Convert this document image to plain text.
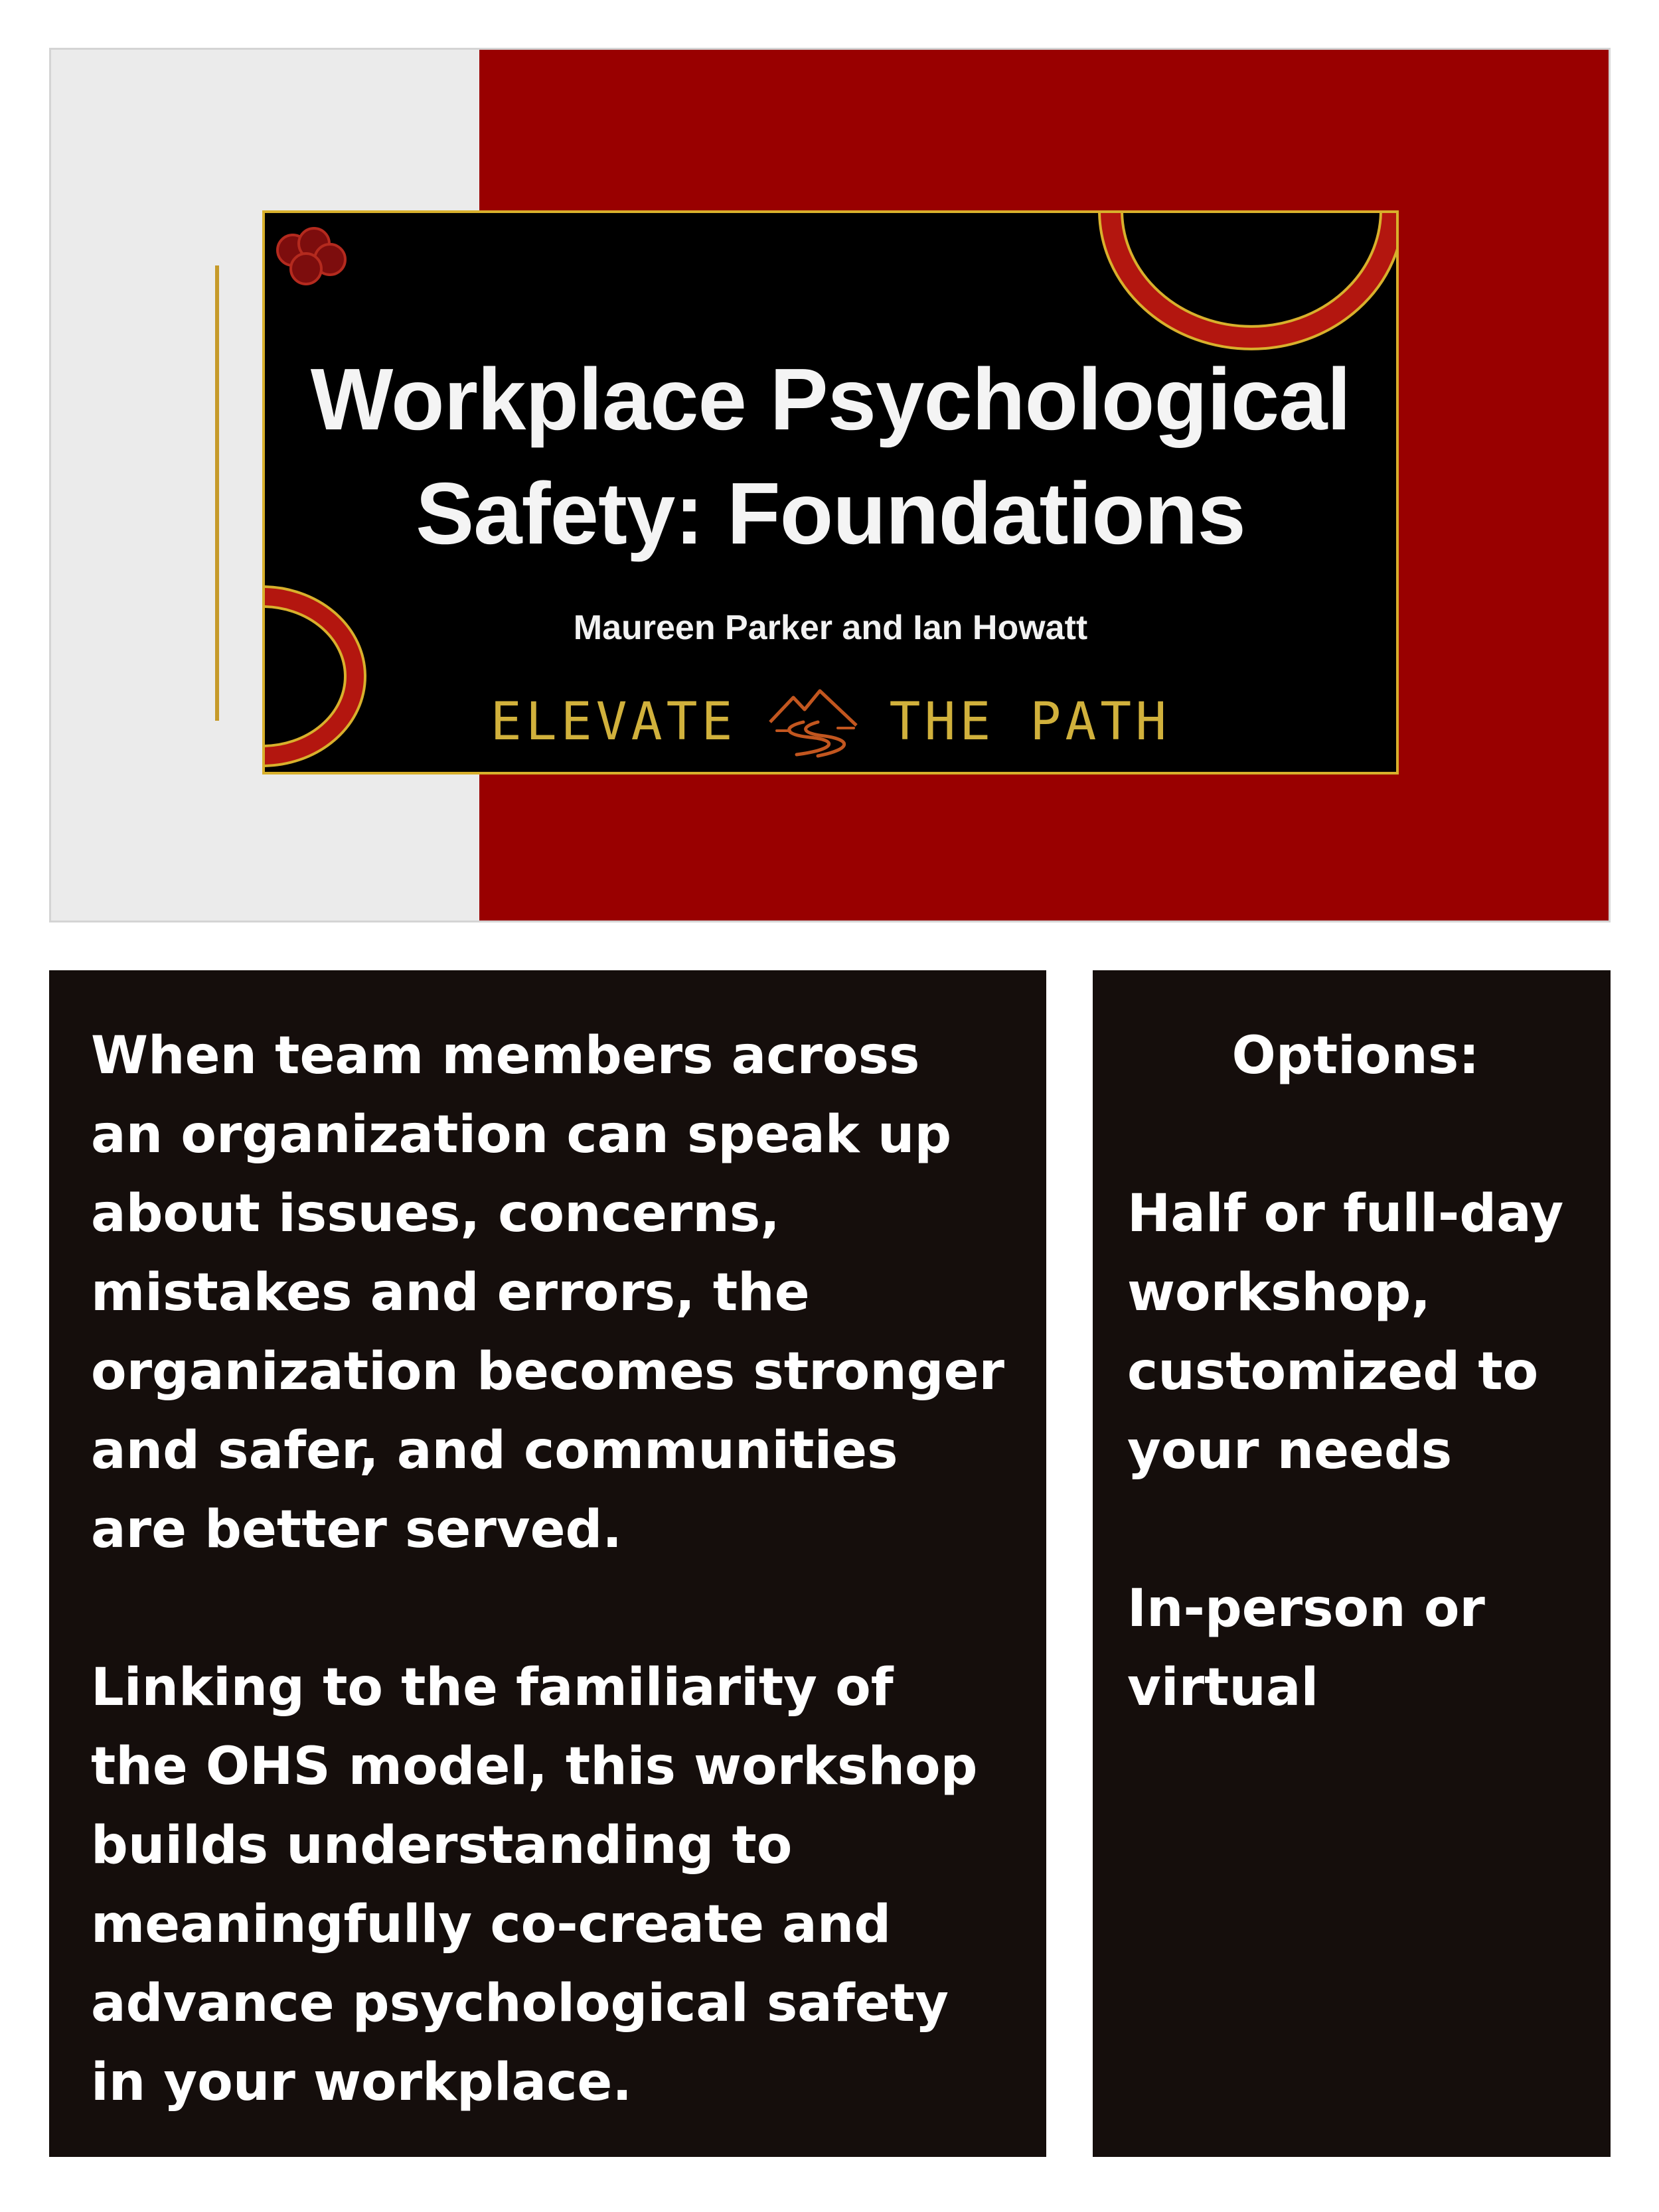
Workplace Psychological
Safety: Foundations
Maureen Parker and Ian Howatt
ELEVATE	THE PATH

When team members across an organization can speak up about issues, concerns, mistakes and errors, the organization becomes stronger and safer, and communities are better served.

Linking to the familiarity of the OHS model, this workshop builds understanding to meaningfully co-create and advance psychological safety in your workplace.

Options:

Half or full-day workshop, customized to your needs

In-person or virtual
